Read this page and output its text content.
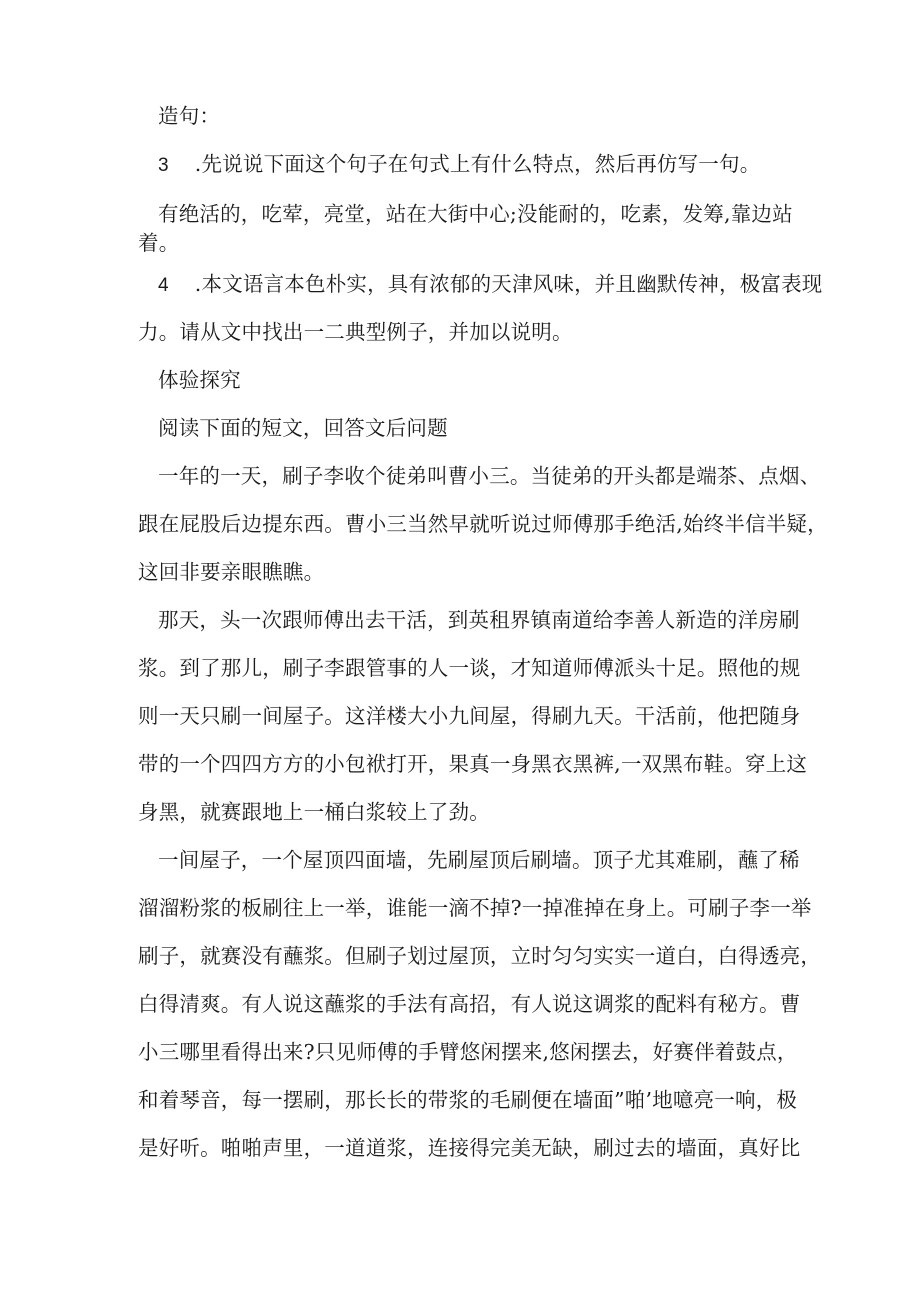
造句：
3 .先说说下面这个句子在句式上有什么特点，然后再仿写一句。
有绝活的，吃荤，亮堂，站在大街中心;没能耐的，吃素，发筹,靠边站
着。
4 .本文语言本色朴实，具有浓郁的天津风味，并且幽默传神，极富表现
力。请从文中找出一二典型例子，并加以说明。
体验探究
阅读下面的短文，回答文后问题
一年的一天，刷子李收个徒弟叫曹小三。当徒弟的开头都是端茶、点烟、
跟在屁股后边提东西。曹小三当然早就听说过师傅那手绝活,始终半信半疑，
这回非要亲眼瞧瞧。
那天，头一次跟师傅出去干活，到英租界镇南道给李善人新造的洋房刷
浆。到了那儿，刷子李跟管事的人一谈，才知道师傅派头十足。照他的规
则一天只刷一间屋子。这洋楼大小九间屋，得刷九天。干活前，他把随身
带的一个四四方方的小包袱打开，果真一身黑衣黑裤,一双黑布鞋。穿上这
身黑，就赛跟地上一桶白浆较上了劲。
一间屋子，一个屋顶四面墙，先刷屋顶后刷墙。顶子尤其难刷，蘸了稀
溜溜粉浆的板刷往上一举，谁能一滴不掉?一掉准掉在身上。可刷子李一举
刷子，就赛没有蘸浆。但刷子划过屋顶，立时匀匀实实一道白，白得透亮，
白得清爽。有人说这蘸浆的手法有高招，有人说这调浆的配料有秘方。曹
小三哪里看得出来?只见师傅的手臂悠闲摆来,悠闲摆去，好赛伴着鼓点，
和着琴音，每一摆刷，那长长的带浆的毛刷便在墙面”啪’地噫亮一响，极
是好听。啪啪声里，一道道浆，连接得完美无缺，刷过去的墙面，真好比
